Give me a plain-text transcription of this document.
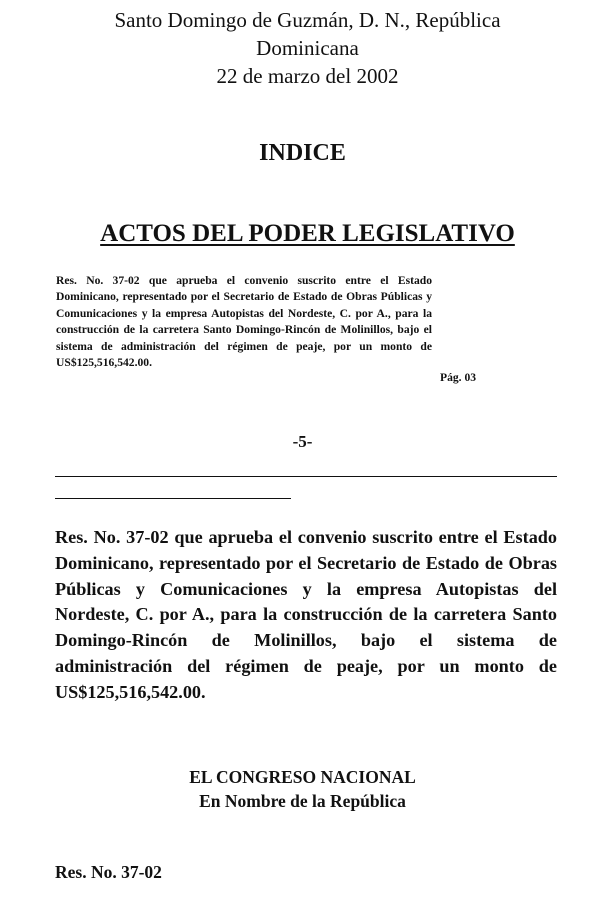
Santo Domingo de Guzmán, D. N., República
Dominicana
22 de marzo del 2002
INDICE
ACTOS DEL PODER LEGISLATIVO
Res. No. 37-02 que aprueba el convenio suscrito entre el Estado Dominicano, representado por el Secretario de Estado de Obras Públicas y Comunicaciones y la empresa Autopistas del Nordeste, C. por A., para la construcción de la carretera Santo Domingo-Rincón de Molinillos, bajo el sistema de administración del régimen de peaje, por un monto de US$125,516,542.00.
Pág. 03
-5-
Res. No. 37-02 que aprueba el convenio suscrito entre el Estado Dominicano, representado por el Secretario de Estado de Obras Públicas y Comunicaciones y la empresa Autopistas del Nordeste, C. por A., para la construcción de la carretera Santo Domingo-Rincón de Molinillos, bajo el sistema de administración del régimen de peaje, por un monto de US$125,516,542.00.
EL CONGRESO NACIONAL
En Nombre de la República
Res. No. 37-02
